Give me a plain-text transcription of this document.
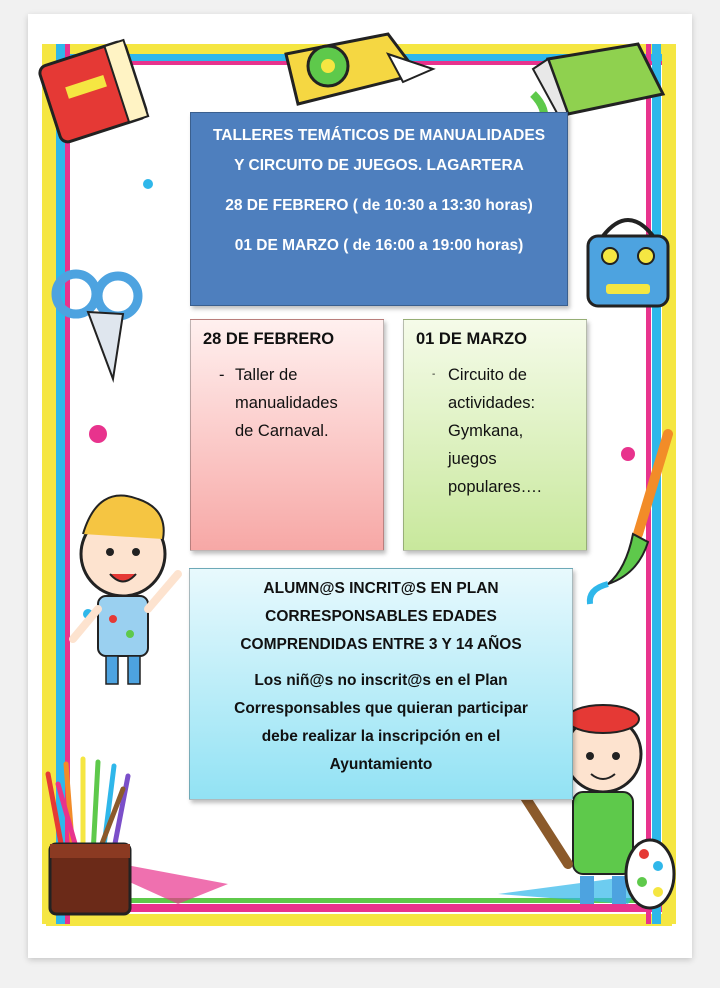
TALLERES TEMÁTICOS DE MANUALIDADES
Y CIRCUITO DE JUEGOS. LAGARTERA
28 DE FEBRERO ( de 10:30 a 13:30 horas)
01 DE MARZO ( de 16:00 a 19:00 horas)
28 DE FEBRERO
- Taller de
manualidades
de Carnaval.
01 DE MARZO
- Circuito de
actividades:
Gymkana,
juegos
populares….
ALUMN@S INCRIT@S EN PLAN
CORRESPONSABLES EDADES
COMPRENDIDAS ENTRE 3 Y 14 AÑOS
Los niñ@s no inscrit@s en el Plan
Corresponsables que quieran participar
debe realizar la inscripción en el
Ayuntamiento
